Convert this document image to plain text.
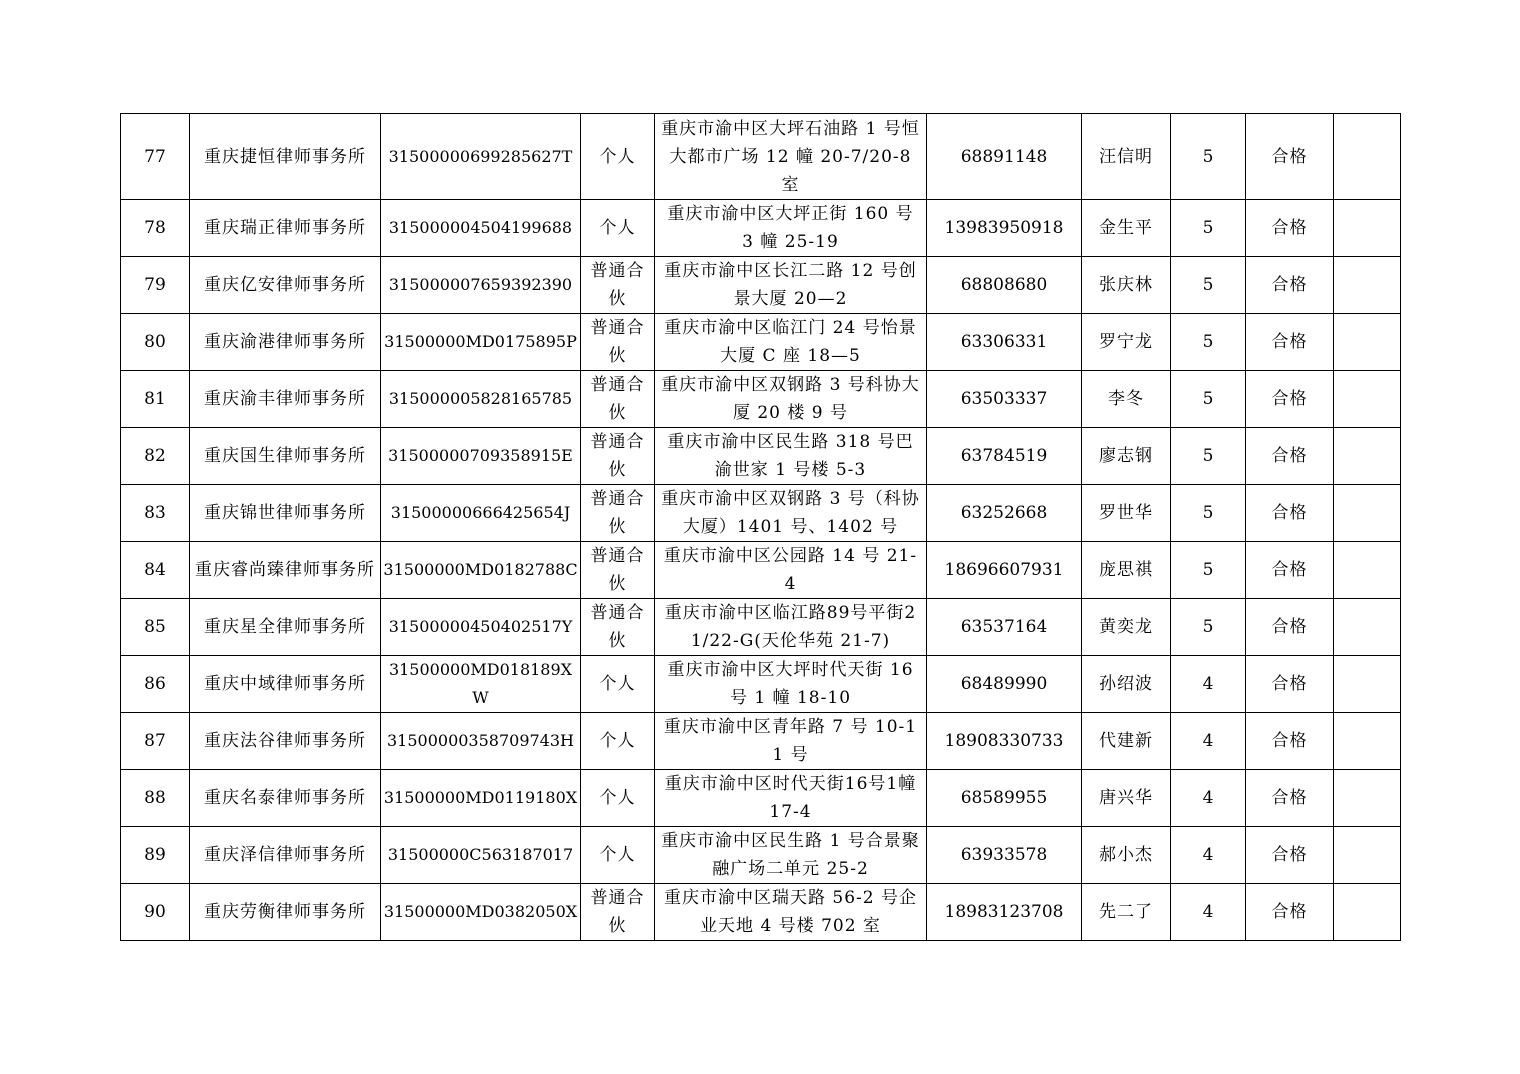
77	重庆捷恒律师事务所	31500000699285627T	个人	重庆市渝中区大坪石油路 1 号恒大都市广场 12 幢 20-7/20-8 室	68891148	汪信明	5	合格	
78	重庆瑞正律师事务所	315000004504199688	个人	重庆市渝中区大坪正街 160 号 3 幢 25-19	13983950918	金生平	5	合格	
79	重庆亿安律师事务所	315000007659392390	普通合伙	重庆市渝中区长江二路 12 号创景大厦 20—2	68808680	张庆林	5	合格	
80	重庆渝港律师事务所	31500000MD0175895P	普通合伙	重庆市渝中区临江门 24 号怡景大厦 C 座 18—5	63306331	罗宁龙	5	合格	
81	重庆渝丰律师事务所	315000005828165785	普通合伙	重庆市渝中区双钢路 3 号科协大厦 20 楼 9 号	63503337	李冬	5	合格	
82	重庆国生律师事务所	31500000709358915E	普通合伙	重庆市渝中区民生路 318 号巴渝世家 1 号楼 5-3	63784519	廖志钢	5	合格	
83	重庆锦世律师事务所	31500000666425654J	普通合伙	重庆市渝中区双钢路 3 号（科协大厦）1401 号、1402 号	63252668	罗世华	5	合格	
84	重庆睿尚臻律师事务所	31500000MD0182788C	普通合伙	重庆市渝中区公园路 14 号 21-4	18696607931	庞思祺	5	合格	
85	重庆星全律师事务所	31500000450402517Y	普通合伙	重庆市渝中区临江路89号平街21/22-G(天伦华苑 21-7)	63537164	黄奕龙	5	合格	
86	重庆中域律师事务所	31500000MD018189XW	个人	重庆市渝中区大坪时代天街 16 号 1 幢 18-10	68489990	孙绍波	4	合格	
87	重庆法谷律师事务所	31500000358709743H	个人	重庆市渝中区青年路 7 号 10-11 号	18908330733	代建新	4	合格	
88	重庆名泰律师事务所	31500000MD0119180X	个人	重庆市渝中区时代天街16号1幢 17-4	68589955	唐兴华	4	合格	
89	重庆泽信律师事务所	31500000C563187017	个人	重庆市渝中区民生路 1 号合景聚融广场二单元 25-2	63933578	郝小杰	4	合格	
90	重庆劳衡律师事务所	31500000MD0382050X	普通合伙	重庆市渝中区瑞天路 56-2 号企业天地 4 号楼 702 室	18983123708	先二了	4	合格	
